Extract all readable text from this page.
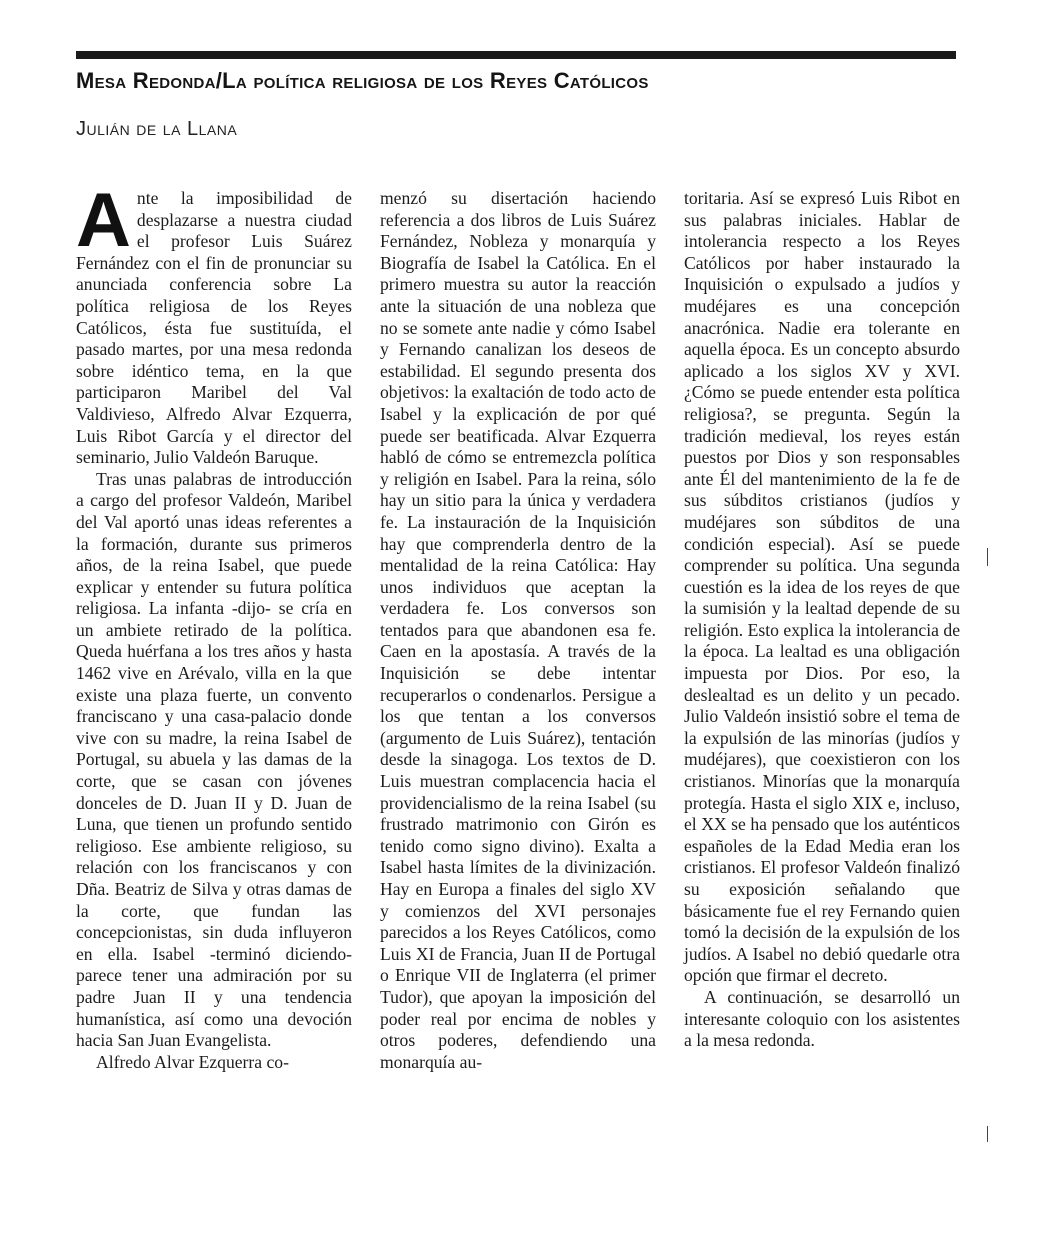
Mesa Redonda/La política religiosa de los Reyes Católicos
Julián de la Llana

Ante la imposibilidad de desplazarse a nuestra ciudad el profesor Luis Suárez Fernández con el fin de pronunciar su anunciada conferencia sobre La política religiosa de los Reyes Católicos, ésta fue sustituída, el pasado martes, por una mesa redonda sobre idéntico tema, en la que participaron Maribel del Val Valdivieso, Alfredo Alvar Ezquerra, Luis Ribot García y el director del seminario, Julio Valdeón Baruque.

Tras unas palabras de introducción a cargo del profesor Valdeón, Maribel del Val aportó unas ideas referentes a la formación, durante sus primeros años, de la reina Isabel, que puede explicar y entender su futura política religiosa. La infanta -dijo- se cría en un ambiete retirado de la política. Queda huérfana a los tres años y hasta 1462 vive en Arévalo, villa en la que existe una plaza fuerte, un convento franciscano y una casa-palacio donde vive con su madre, la reina Isabel de Portugal, su abuela y las damas de la corte, que se casan con jóvenes donceles de D. Juan II y D. Juan de Luna, que tienen un profundo sentido religioso. Ese ambiente religioso, su relación con los franciscanos y con Dña. Beatriz de Silva y otras damas de la corte, que fundan las concepcionistas, sin duda influyeron en ella. Isabel -terminó diciendo- parece tener una admiración por su padre Juan II y una tendencia humanística, así como una devoción hacia San Juan Evangelista.

Alfredo Alvar Ezquerra co-

menzó su disertación haciendo referencia a dos libros de Luis Suárez Fernández, Nobleza y monarquía y Biografía de Isabel la Católica. En el primero muestra su autor la reacción ante la situación de una nobleza que no se somete ante nadie y cómo Isabel y Fernando canalizan los deseos de estabilidad. El segundo presenta dos objetivos: la exaltación de todo acto de Isabel y la explicación de por qué puede ser beatificada. Alvar Ezquerra habló de cómo se entremezcla política y religión en Isabel. Para la reina, sólo hay un sitio para la única y verdadera fe. La instauración de la Inquisición hay que comprenderla dentro de la mentalidad de la reina Católica: Hay unos individuos que aceptan la verdadera fe. Los conversos son tentados para que abandonen esa fe. Caen en la apostasía. A través de la Inquisición se debe intentar recuperarlos o condenarlos. Persigue a los que tentan a los conversos (argumento de Luis Suárez), tentación desde la sinagoga. Los textos de D. Luis muestran complacencia hacia el providencialismo de la reina Isabel (su frustrado matrimonio con Girón es tenido como signo divino). Exalta a Isabel hasta límites de la divinización. Hay en Europa a finales del siglo XV y comienzos del XVI personajes parecidos a los Reyes Católicos, como Luis XI de Francia, Juan II de Portugal o Enrique VII de Inglaterra (el primer Tudor), que apoyan la imposición del poder real por encima de nobles y otros poderes, defendiendo una monarquía au-

toritaria. Así se expresó Luis Ribot en sus palabras iniciales. Hablar de intolerancia respecto a los Reyes Católicos por haber instaurado la Inquisición o expulsado a judíos y mudéjares es una concepción anacrónica. Nadie era tolerante en aquella época. Es un concepto absurdo aplicado a los siglos XV y XVI. ¿Cómo se puede entender esta política religiosa?, se pregunta. Según la tradición medieval, los reyes están puestos por Dios y son responsables ante Él del mantenimiento de la fe de sus súbditos cristianos (judíos y mudéjares son súbditos de una condición especial). Así se puede comprender su política. Una segunda cuestión es la idea de los reyes de que la sumisión y la lealtad depende de su religión. Esto explica la intolerancia de la época. La lealtad es una obligación impuesta por Dios. Por eso, la deslealtad es un delito y un pecado. Julio Valdeón insistió sobre el tema de la expulsión de las minorías (judíos y mudéjares), que coexistieron con los cristianos. Minorías que la monarquía protegía. Hasta el siglo XIX e, incluso, el XX se ha pensado que los auténticos españoles de la Edad Media eran los cristianos. El profesor Valdeón finalizó su exposición señalando que básicamente fue el rey Fernando quien tomó la decisión de la expulsión de los judíos. A Isabel no debió quedarle otra opción que firmar el decreto.

A continuación, se desarrolló un interesante coloquio con los asistentes a la mesa redonda.
